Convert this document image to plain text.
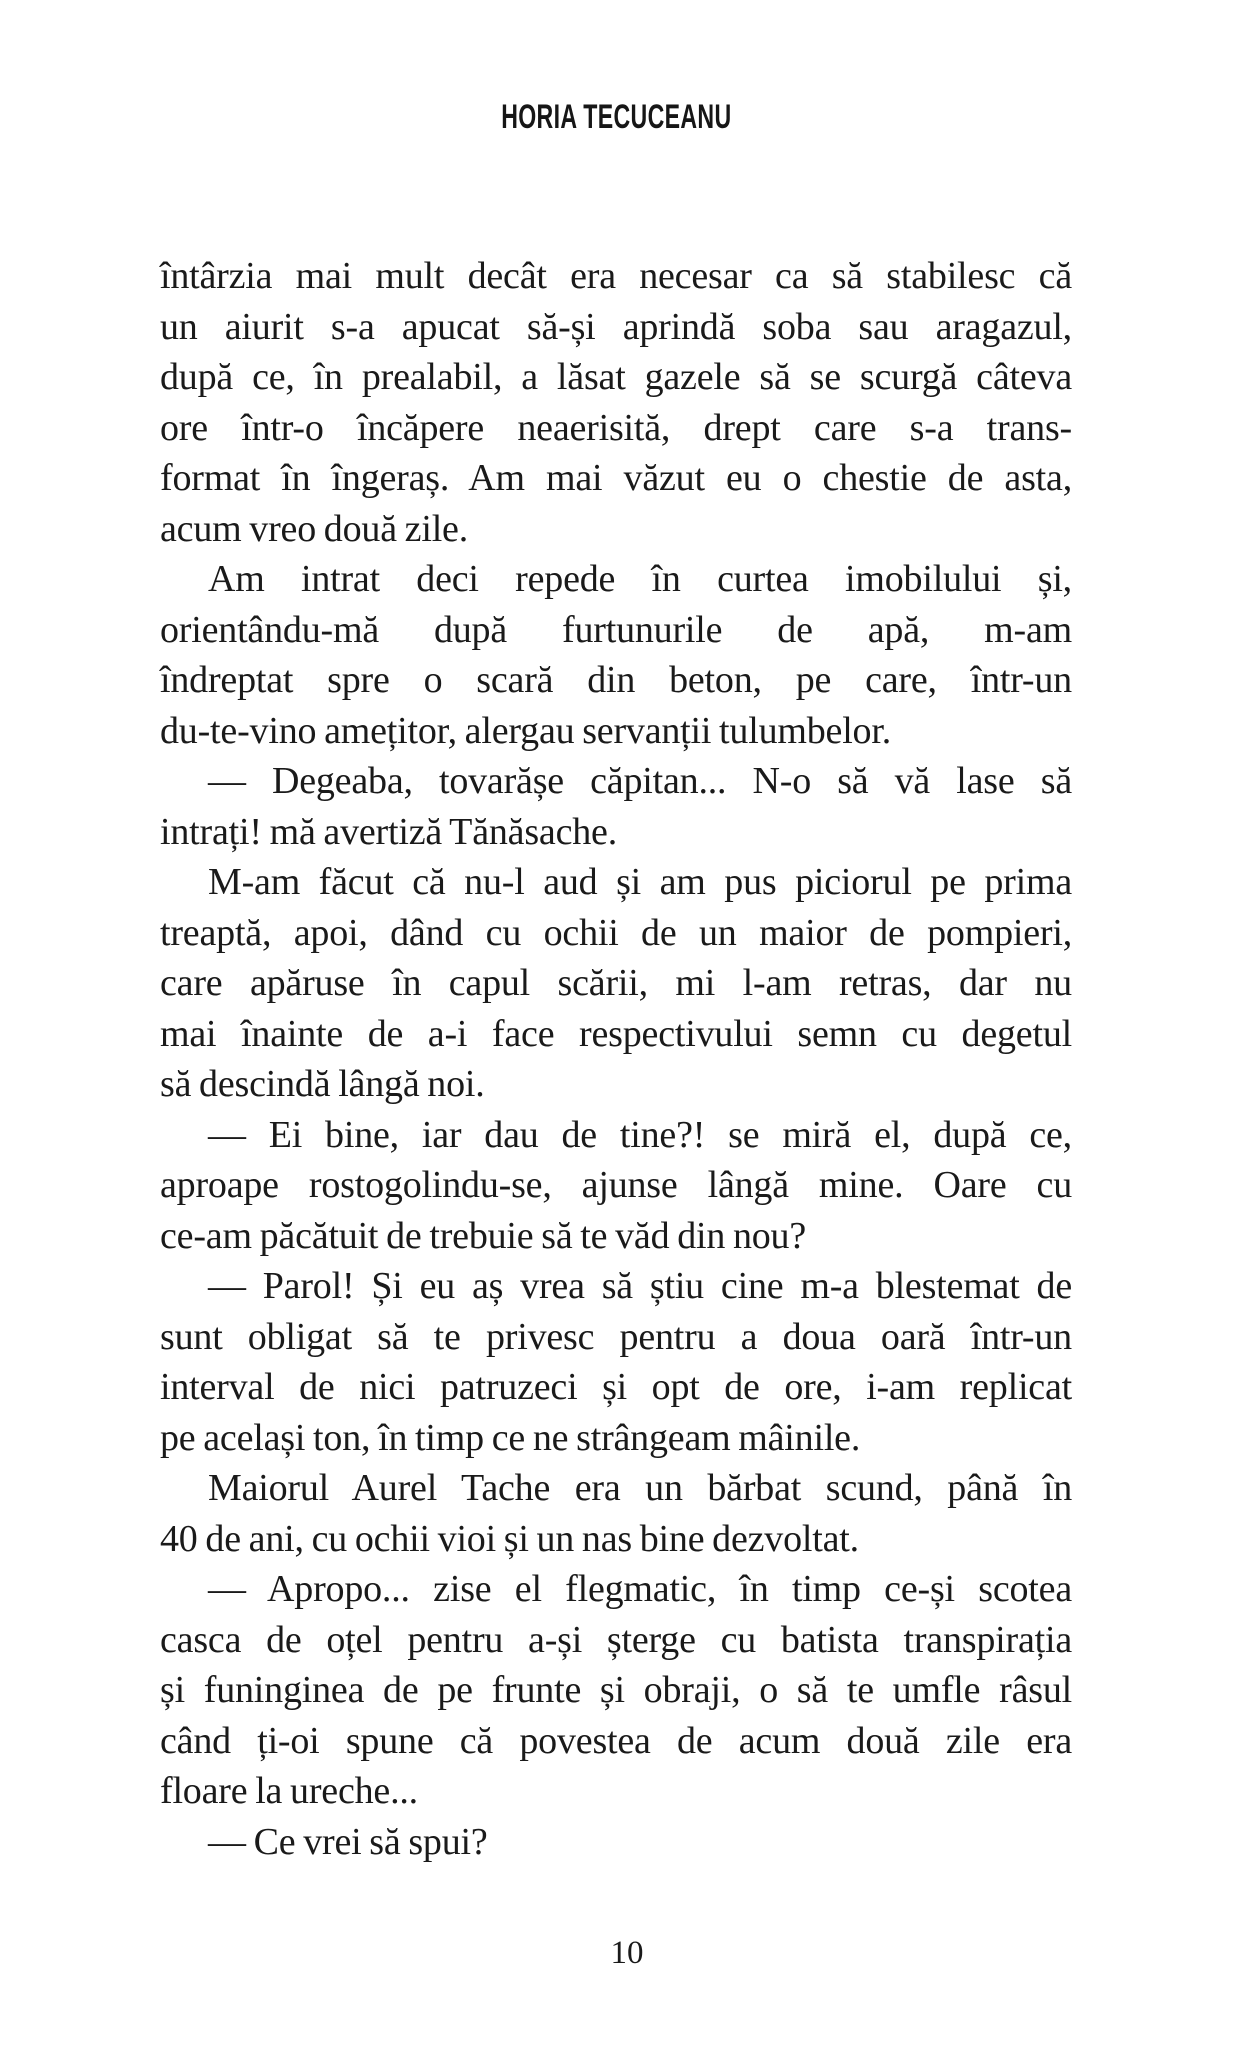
HORIA TECUCEANU
întârzia mai mult decât era necesar ca să stabilesc că
un aiurit s-a apucat să-și aprindă soba sau aragazul,
după ce, în prealabil, a lăsat gazele să se scurgă câteva
ore într-o încăpere neaerisită, drept care s-a trans-
format în îngeraș. Am mai văzut eu o chestie de asta,
acum vreo două zile.
Am intrat deci repede în curtea imobilului și,
orientându-mă după furtunurile de apă, m-am
îndreptat spre o scară din beton, pe care, într-un
du-te-vino amețitor, alergau servanții tulumbelor.
— Degeaba, tovarășe căpitan... N-o să vă lase să
intrați! mă avertiză Tănăsache.
M-am făcut că nu-l aud și am pus piciorul pe prima
treaptă, apoi, dând cu ochii de un maior de pompieri,
care apăruse în capul scării, mi l-am retras, dar nu
mai înainte de a-i face respectivului semn cu degetul
să descindă lângă noi.
— Ei bine, iar dau de tine?! se miră el, după ce,
aproape rostogolindu-se, ajunse lângă mine. Oare cu
ce-am păcătuit de trebuie să te văd din nou?
— Parol! Și eu aș vrea să știu cine m-a blestemat de
sunt obligat să te privesc pentru a doua oară într-un
interval de nici patruzeci și opt de ore, i-am replicat
pe același ton, în timp ce ne strângeam mâinile.
Maiorul Aurel Tache era un bărbat scund, până în
40 de ani, cu ochii vioi și un nas bine dezvoltat.
— Apropo... zise el flegmatic, în timp ce-și scotea
casca de oțel pentru a-și șterge cu batista transpirația
și funinginea de pe frunte și obraji, o să te umfle râsul
când ți-oi spune că povestea de acum două zile era
floare la ureche...
— Ce vrei să spui?
10
